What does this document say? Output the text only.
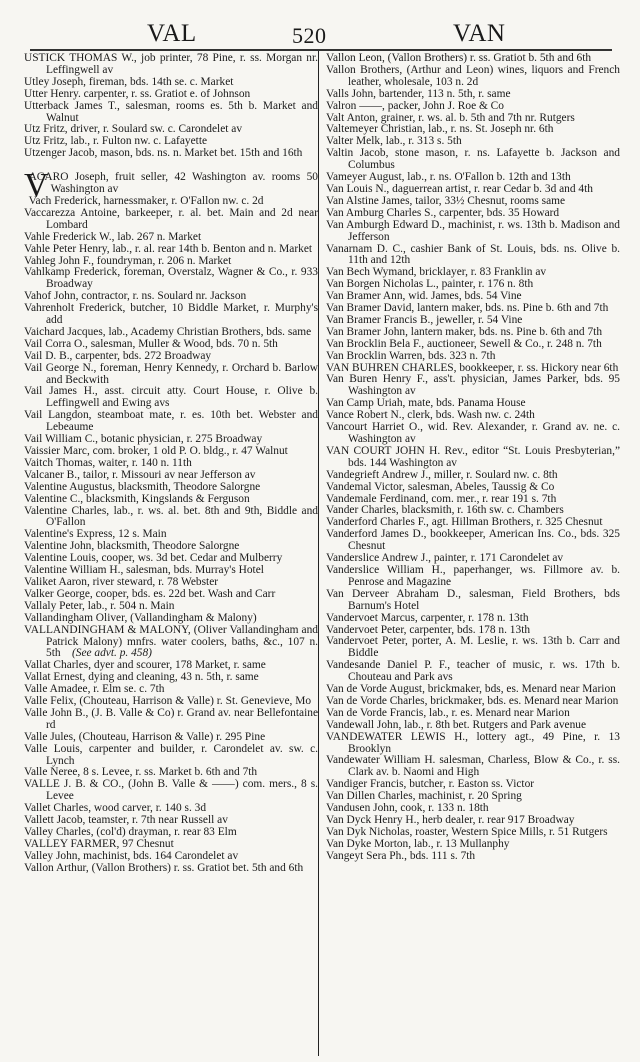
VAL	520	VAN

USTICK THOMAS W., job printer, 78 Pine, r. ss. Morgan nr. Leffingwell av

Utley Joseph, fireman, bds. 14th se. c. Market

Utter Henry. carpenter, r. ss. Gratiot e. of Johnson

Utterback James T., salesman, rooms es. 5th b. Market and Walnut

Utz Fritz, driver, r. Soulard sw. c. Carondelet av

Utz Fritz, lab., r. Fulton nw. c. Lafayette

Utzenger Jacob, mason, bds. ns. n. Market bet. 15th and 16th

V
ACARO Joseph, fruit seller, 42 Washington av. rooms 50 Washington av

Vach Frederick, harnessmaker, r. O'Fallon nw. c. 2d

Vaccarezza Antoine, barkeeper, r. al. bet. Main and 2d near Lombard

Vahle Frederick W., lab. 267 n. Market

Vahle Peter Henry, lab., r. al. rear 14th b. Benton and n. Market

Vahleg John F., foundryman, r. 206 n. Market

Vahlkamp Frederick, foreman, Overstalz, Wagner & Co., r. 933 Broadway

Vahof John, contractor, r. ns. Soulard nr. Jackson

Vahrenholt Frederick, butcher, 10 Biddle Market, r. Murphy's add

Vaichard Jacques, lab., Academy Christian Brothers, bds. same

Vail Corra O., salesman, Muller & Wood, bds. 70 n. 5th

Vail D. B., carpenter, bds. 272 Broadway

Vail George N., foreman, Henry Kennedy, r. Orchard b. Barlow and Beckwith

Vail James H., asst. circuit atty. Court House, r. Olive b. Leffingwell and Ewing avs

Vail Langdon, steamboat mate, r. es. 10th bet. Webster and Lebeaume

Vail William C., botanic physician, r. 275 Broadway

Vaissier Marc, com. broker, 1 old P. O. bldg., r. 47 Walnut

Vaitch Thomas, waiter, r. 140 n. 11th

Valcaner B., tailor, r. Missouri av near Jefferson av

Valentine Augustus, blacksmith, Theodore Salorgne

Valentine C., blacksmith, Kingslands & Ferguson

Valentine Charles, lab., r. ws. al. bet. 8th and 9th, Biddle and O'Fallon

Valentine's Express, 12 s. Main

Valentine John, blacksmith, Theodore Salorgne

Valentine Louis, cooper, ws. 3d bet. Cedar and Mulberry

Valentine William H., salesman, bds. Murray's Hotel

Valiket Aaron, river steward, r. 78 Webster

Valker George, cooper, bds. es. 22d bet. Wash and Carr

Vallaly Peter, lab., r. 504 n. Main

Vallandingham Oliver, (Vallandingham & Malony)

VALLANDINGHAM & MALONY, (Oliver Vallandingham and Patrick Malony) mnfrs. water coolers, baths, &c., 107 n. 5th  (See advt. p. 458)

Vallat Charles, dyer and scourer, 178 Market, r. same

Vallat Ernest, dying and cleaning, 43 n. 5th, r. same

Valle Amadee, r. Elm se. c. 7th

Valle Felix, (Chouteau, Harrison & Valle) r. St. Genevieve, Mo

Valle John B., (J. B. Valle & Co) r. Grand av. near Bellefontaine rd

Valle Jules, (Chouteau, Harrison & Valle) r. 295 Pine

Valle Louis, carpenter and builder, r. Carondelet av. sw. c. Lynch

Valle Neree, 8 s. Levee, r. ss. Market b. 6th and 7th

VALLE J. B. & CO., (John B. Valle & ——) com. mers., 8 s. Levee

Vallet Charles, wood carver, r. 140 s. 3d

Vallett Jacob, teamster, r. 7th near Russell av

Valley Charles, (col'd) drayman, r. rear 83 Elm

VALLEY FARMER, 97 Chesnut

Valley John, machinist, bds. 164 Carondelet av

Vallon Arthur, (Vallon Brothers) r. ss. Gratiot bet. 5th and 6th

Vallon Leon, (Vallon Brothers) r. ss. Gratiot b. 5th and 6th

Vallon Brothers, (Arthur and Leon) wines, liquors and French leather, wholesale, 103 n. 2d

Valls John, bartender, 113 n. 5th, r. same

Valron ——, packer, John J. Roe & Co

Valt Anton, grainer, r. ws. al. b. 5th and 7th nr. Rutgers

Valtemeyer Christian, lab., r. ns. St. Joseph nr. 6th

Valter Melk, lab., r. 313 s. 5th

Valtin Jacob, stone mason, r. ns. Lafayette b. Jackson and Columbus

Vameyer August, lab., r. ns. O'Fallon b. 12th and 13th

Van Louis N., daguerrean artist, r. rear Cedar b. 3d and 4th

Van Alstine James, tailor, 33½ Chesnut, rooms same

Van Amburg Charles S., carpenter, bds. 35 Howard

Van Amburgh Edward D., machinist, r. ws. 13th b. Madison and Jefferson

Vanarnam D. C., cashier Bank of St. Louis, bds. ns. Olive b. 11th and 12th

Van Bech Wymand, bricklayer, r. 83 Franklin av

Van Borgen Nicholas L., painter, r. 176 n. 8th

Van Bramer Ann, wid. James, bds. 54 Vine

Van Bramer David, lantern maker, bds. ns. Pine b. 6th and 7th

Van Bramer Francis B., jeweller, r. 54 Vine

Van Bramer John, lantern maker, bds. ns. Pine b. 6th and 7th

Van Brocklin Bela F., auctioneer, Sewell & Co., r. 248 n. 7th

Van Brocklin Warren, bds. 323 n. 7th

VAN BUHREN CHARLES, bookkeeper, r. ss. Hickory near 6th

Van Buren Henry F., ass't. physician, James Parker, bds. 95 Washington av

Van Camp Uriah, mate, bds. Panama House

Vance Robert N., clerk, bds. Wash nw. c. 24th

Vancourt Harriet O., wid. Rev. Alexander, r. Grand av. ne. c. Washington av

VAN COURT JOHN H. Rev., editor “St. Louis Presbyterian,” bds. 144 Washington av

Vandegrieft Andrew J., miller, r. Soulard nw. c. 8th

Vandemal Victor, salesman, Abeles, Taussig & Co

Vandemale Ferdinand, com. mer., r. rear 191 s. 7th

Vander Charles, blacksmith, r. 16th sw. c. Chambers

Vanderford Charles F., agt. Hillman Brothers, r. 325 Chesnut

Vanderford James D., bookkeeper, American Ins. Co., bds. 325 Chesnut

Vanderslice Andrew J., painter, r. 171 Carondelet av

Vanderslice William H., paperhanger, ws. Fillmore av. b. Penrose and Magazine

Van Derveer Abraham D., salesman, Field Brothers, bds Barnum's Hotel

Vandervoet Marcus, carpenter, r. 178 n. 13th

Vandervoet Peter, carpenter, bds. 178 n. 13th

Vandervoet Peter, porter, A. M. Leslie, r. ws. 13th b. Carr and Biddle

Vandesande Daniel P. F., teacher of music, r. ws. 17th b. Chouteau and Park avs

Van de Vorde August, brickmaker, bds, es. Menard near Marion

Van de Vorde Charles, brickmaker, bds. es. Menard near Marion

Van de Vorde Francis, lab., r. es. Menard near Marion

Vandewall John, lab., r. 8th bet. Rutgers and Park avenue

VANDEWATER LEWIS H., lottery agt., 49 Pine, r. 13 Brooklyn

Vandewater William H. salesman, Charless, Blow & Co., r. ss. Clark av. b. Naomi and High

Vandiger Francis, butcher, r. Easton ss. Victor

Van Dillen Charles, machinist, r. 20 Spring

Vandusen John, cook, r. 133 n. 18th

Van Dyck Henry H., herb dealer, r. rear 917 Broadway

Van Dyk Nicholas, roaster, Western Spice Mills, r. 51 Rutgers

Van Dyke Morton, lab., r. 13 Mullanphy

Vangeyt Sera Ph., bds. 111 s. 7th
